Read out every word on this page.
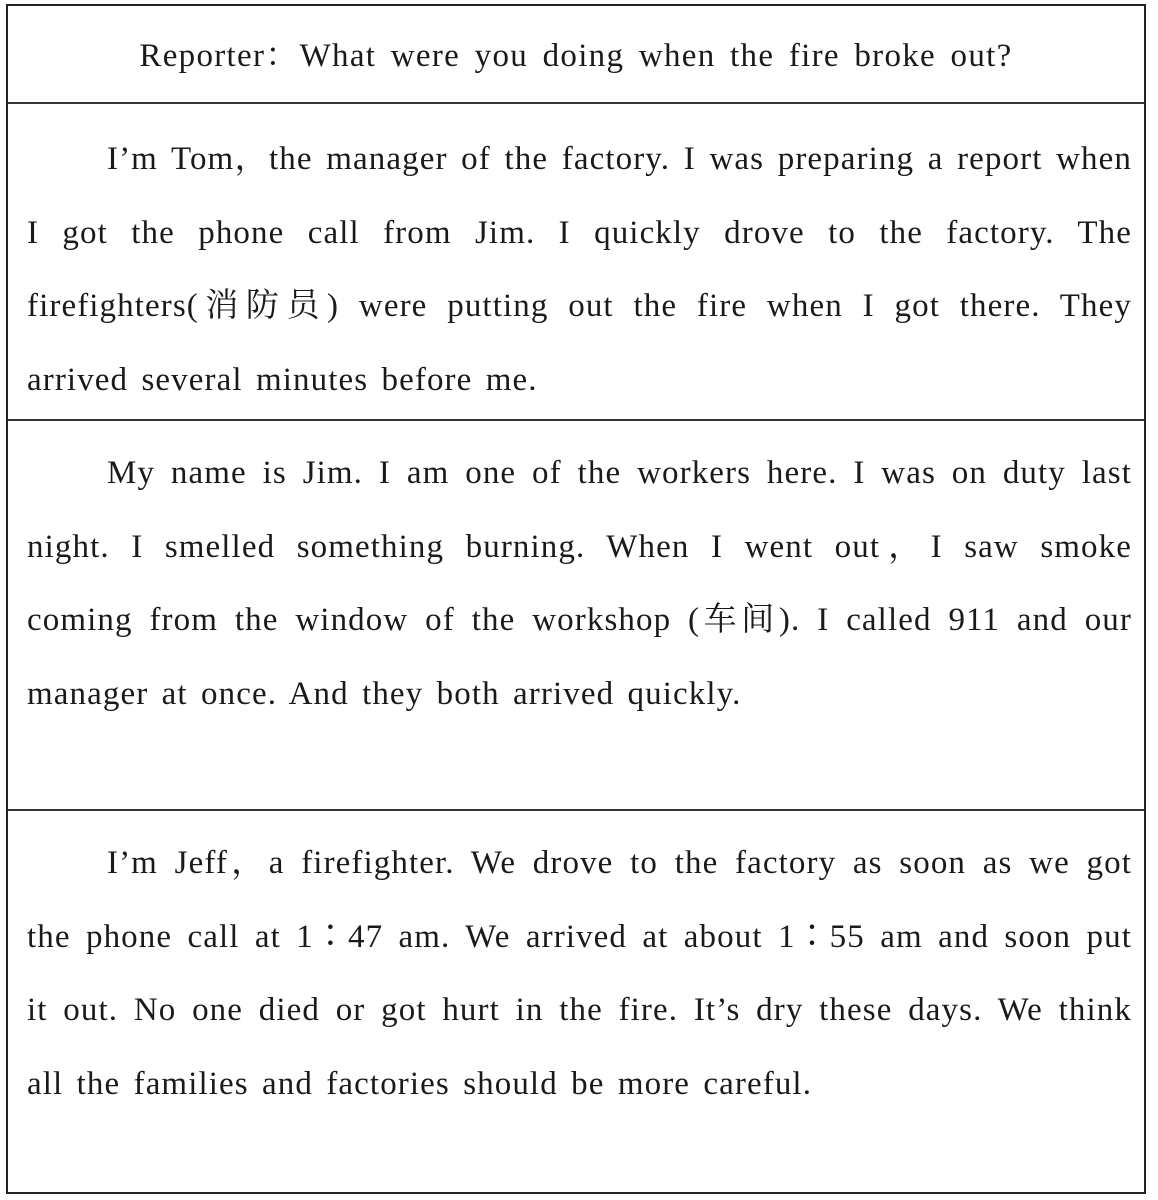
Reporter：What were you doing when the fire broke out?

I’m Tom，the manager of the factory. I was preparing a report when I got the phone call from Jim. I quickly drove to the factory. The firefighters(消防员) were putting out the fire when I got there. They arrived several minutes before me.

My name is Jim. I am one of the workers here. I was on duty last night. I smelled something burning. When I went out，I saw smoke coming from the window of the workshop (车间). I called 911 and our manager at once. And they both arrived quickly.

I’m Jeff，a firefighter. We drove to the factory as soon as we got the phone call at 1∶47 am. We arrived at about 1∶55 am and soon put it out. No one died or got hurt in the fire. It’s dry these days. We think all the families and factories should be more careful.
